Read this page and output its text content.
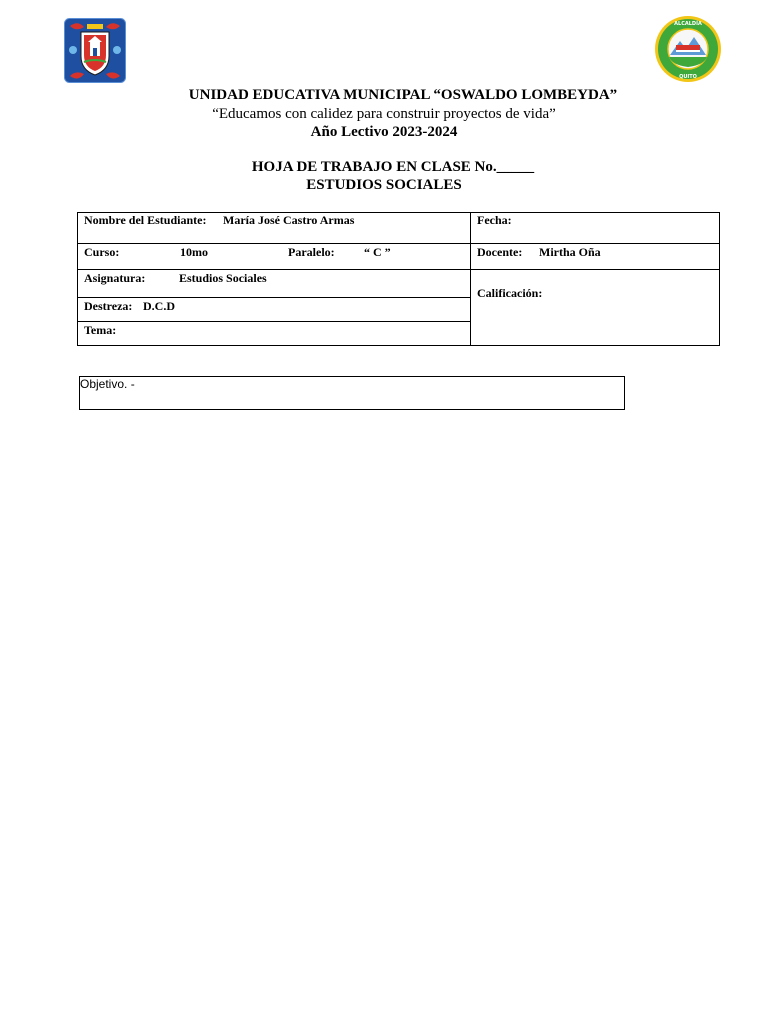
ALCALDÍA
QUITO
UNIDAD EDUCATIVA MUNICIPAL “OSWALDO LOMBEYDA”
“Educamos con calidez para construir proyectos de vida”
Año Lectivo 2023-2024
HOJA DE TRABAJO EN CLASE No._____
ESTUDIOS SOCIALES
Nombre del Estudiante: María José Castro Armas	Fecha:
Curso:	10mo	Paralelo: “ C ”	Docente: Mirtha Oña
Asignatura:	Estudios Sociales
Calificación:
Destreza: D.C.D
Tema:
Objetivo. -
